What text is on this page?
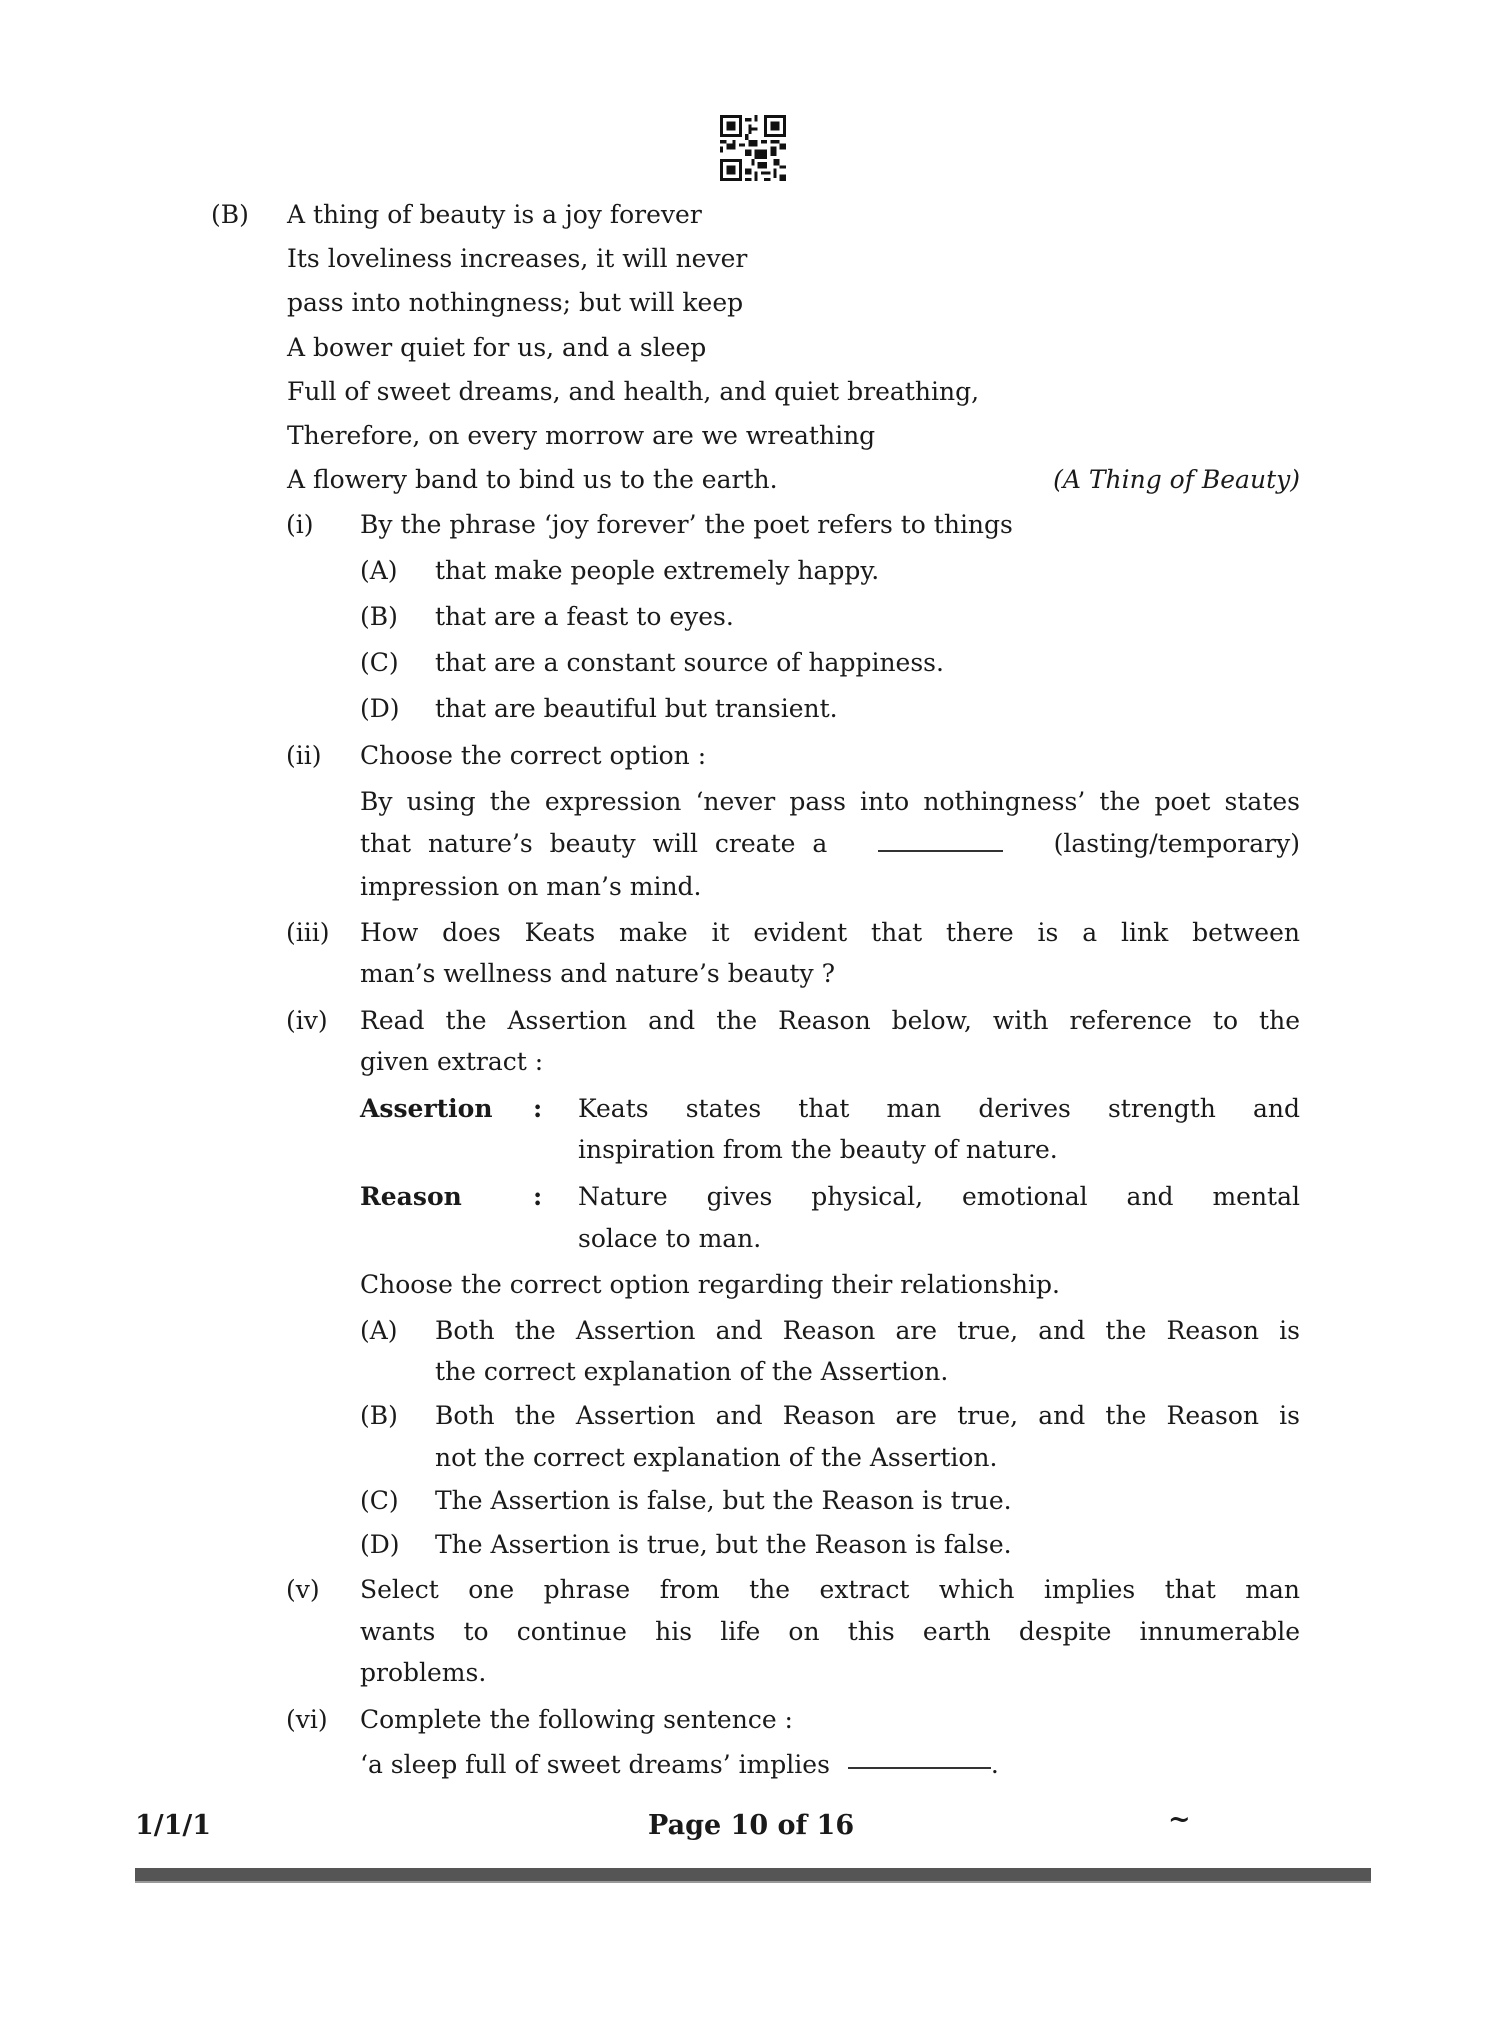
(B) A thing of beauty is a joy forever
Its loveliness increases, it will never
pass into nothingness; but will keep
A bower quiet for us, and a sleep
Full of sweet dreams, and health, and quiet breathing,
Therefore, on every morrow are we wreathing
A flowery band to bind us to the earth.	(A Thing of Beauty)
(i) By the phrase ‘joy forever’ the poet refers to things
(A) that make people extremely happy.
(B) that are a feast to eyes.
(C) that are a constant source of happiness.
(D) that are beautiful but transient.
(ii) Choose the correct option :
By using the expression ‘never pass into nothingness’ the poet states
that nature’s beauty will create a	(lasting/temporary)
impression on man’s mind.
(iii) How does Keats make it evident that there is a link between
man’s wellness and nature’s beauty ?
(iv) Read the Assertion and the Reason below, with reference to the
given extract :
Assertion : Keats states that man derives strength and
inspiration from the beauty of nature.
Reason	: Nature gives physical, emotional and mental
solace to man.
Choose the correct option regarding their relationship.
(A) Both the Assertion and Reason are true, and the Reason is
the correct explanation of the Assertion.
(B) Both the Assertion and Reason are true, and the Reason is
not the correct explanation of the Assertion.
(C) The Assertion is false, but the Reason is true.
(D) The Assertion is true, but the Reason is false.
(v) Select one phrase from the extract which implies that man
wants to continue his life on this earth despite innumerable
problems.
(vi) Complete the following sentence :
‘a sleep full of sweet dreams’ implies	.
1/1/1	Page 10 of 16	~
